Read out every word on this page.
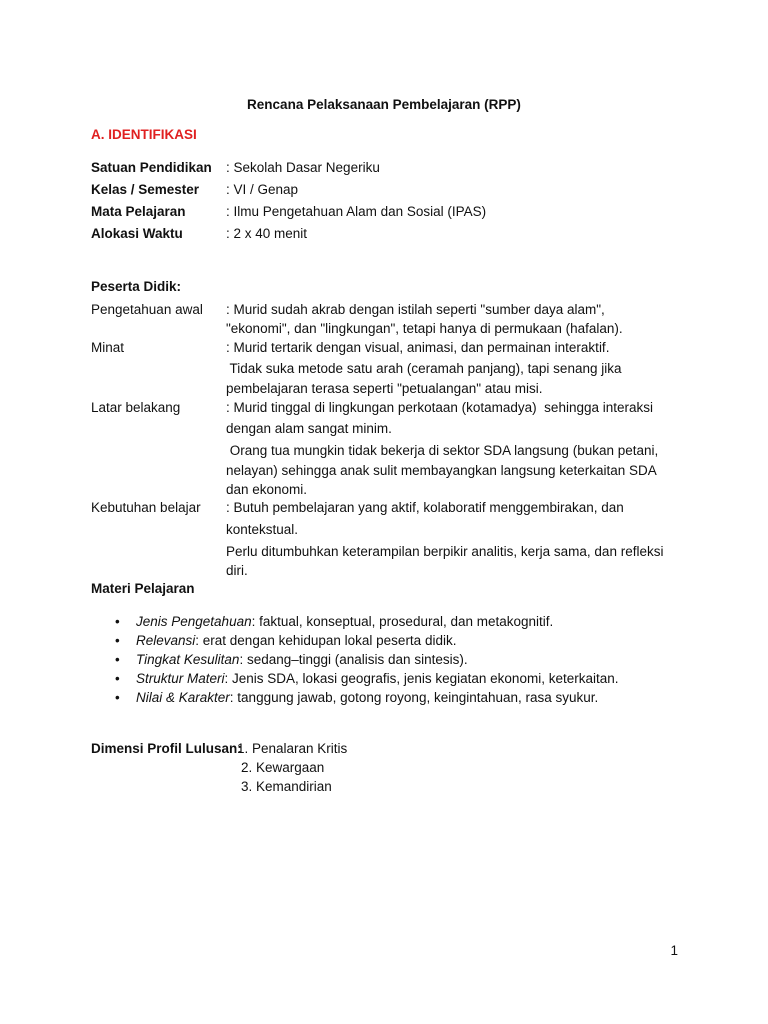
Rencana Pelaksanaan Pembelajaran (RPP)
A. IDENTIFIKASI
Satuan Pendidikan : Sekolah Dasar Negeriku
Kelas / Semester : VI / Genap
Mata Pelajaran	: Ilmu Pengetahuan Alam dan Sosial (IPAS)
Alokasi Waktu	: 2 x 40 menit
Peserta Didik:
Pengetahuan awal : Murid sudah akrab dengan istilah seperti "sumber daya alam",
"ekonomi", dan "lingkungan", tetapi hanya di permukaan (hafalan).
Minat	: Murid tertarik dengan visual, animasi, dan permainan interaktif.
Tidak suka metode satu arah (ceramah panjang), tapi senang jika
pembelajaran terasa seperti "petualangan" atau misi.
Latar belakang	: Murid tinggal di lingkungan perkotaan (kotamadya)  sehingga interaksi
dengan alam sangat minim.
Orang tua mungkin tidak bekerja di sektor SDA langsung (bukan petani,
nelayan) sehingga anak sulit membayangkan langsung keterkaitan SDA
dan ekonomi.
Kebutuhan belajar : Butuh pembelajaran yang aktif, kolaboratif menggembirakan, dan
kontekstual.
Perlu ditumbuhkan keterampilan berpikir analitis, kerja sama, dan refleksi
diri.
Materi Pelajaran
• Jenis Pengetahuan: faktual, konseptual, prosedural, dan metakognitif.
• Relevansi: erat dengan kehidupan lokal peserta didik.
• Tingkat Kesulitan: sedang–tinggi (analisis dan sintesis).
• Struktur Materi: Jenis SDA, lokasi geografis, jenis kegiatan ekonomi, keterkaitan.
• Nilai & Karakter: tanggung jawab, gotong royong, keingintahuan, rasa syukur.
Dimensi Profil Lulusan:
1. Penalaran Kritis
2. Kewargaan
3. Kemandirian
1
